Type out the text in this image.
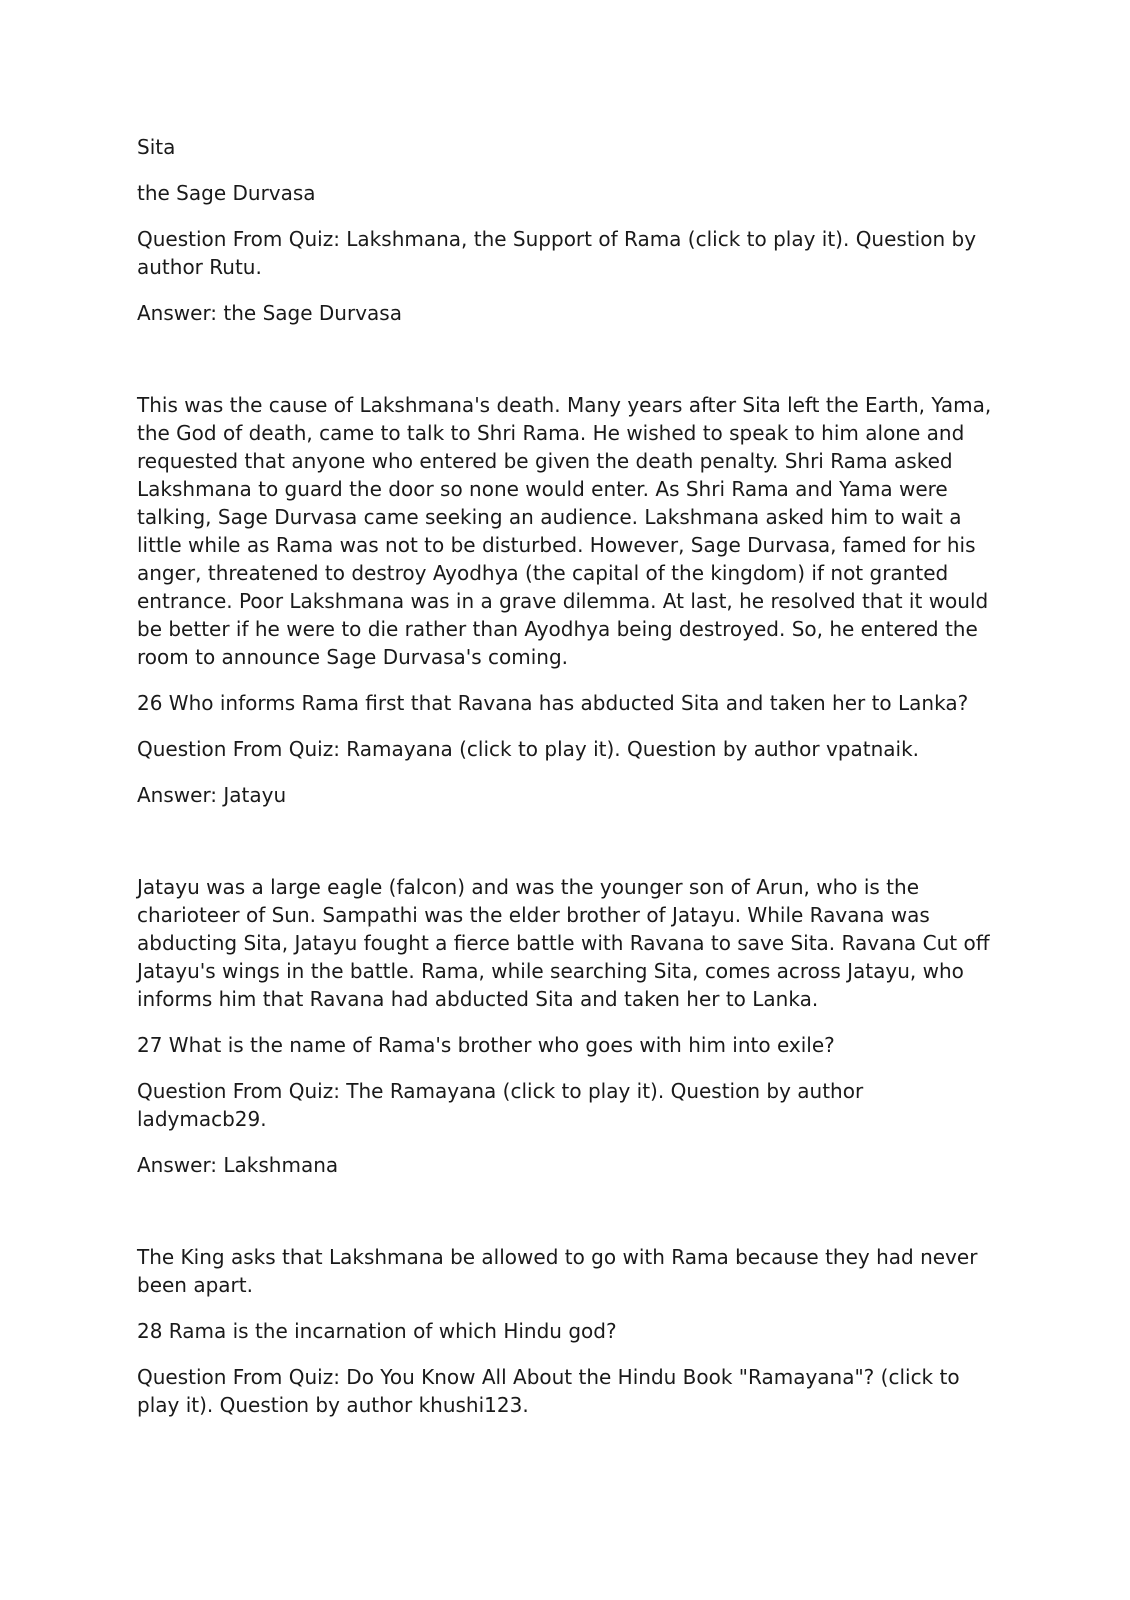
Sita

the Sage Durvasa

Question From Quiz: Lakshmana, the Support of Rama (click to play it). Question by author Rutu.

Answer: the Sage Durvasa

This was the cause of Lakshmana's death. Many years after Sita left the Earth, Yama, the God of death, came to talk to Shri Rama. He wished to speak to him alone and requested that anyone who entered be given the death penalty. Shri Rama asked Lakshmana to guard the door so none would enter. As Shri Rama and Yama were talking, Sage Durvasa came seeking an audience. Lakshmana asked him to wait a little while as Rama was not to be disturbed. However, Sage Durvasa, famed for his anger, threatened to destroy Ayodhya (the capital of the kingdom) if not granted entrance. Poor Lakshmana was in a grave dilemma. At last, he resolved that it would be better if he were to die rather than Ayodhya being destroyed. So, he entered the room to announce Sage Durvasa's coming.

26 Who informs Rama first that Ravana has abducted Sita and taken her to Lanka?

Question From Quiz: Ramayana (click to play it). Question by author vpatnaik.

Answer: Jatayu

Jatayu was a large eagle (falcon) and was the younger son of Arun, who is the charioteer of Sun. Sampathi was the elder brother of Jatayu. While Ravana was abducting Sita, Jatayu fought a fierce battle with Ravana to save Sita. Ravana Cut off Jatayu's wings in the battle. Rama, while searching Sita, comes across Jatayu, who informs him that Ravana had abducted Sita and taken her to Lanka.

27 What is the name of Rama's brother who goes with him into exile?

Question From Quiz: The Ramayana (click to play it). Question by author ladymacb29.

Answer: Lakshmana

The King asks that Lakshmana be allowed to go with Rama because they had never been apart.

28 Rama is the incarnation of which Hindu god?

Question From Quiz: Do You Know All About the Hindu Book "Ramayana"? (click to play it). Question by author khushi123.
